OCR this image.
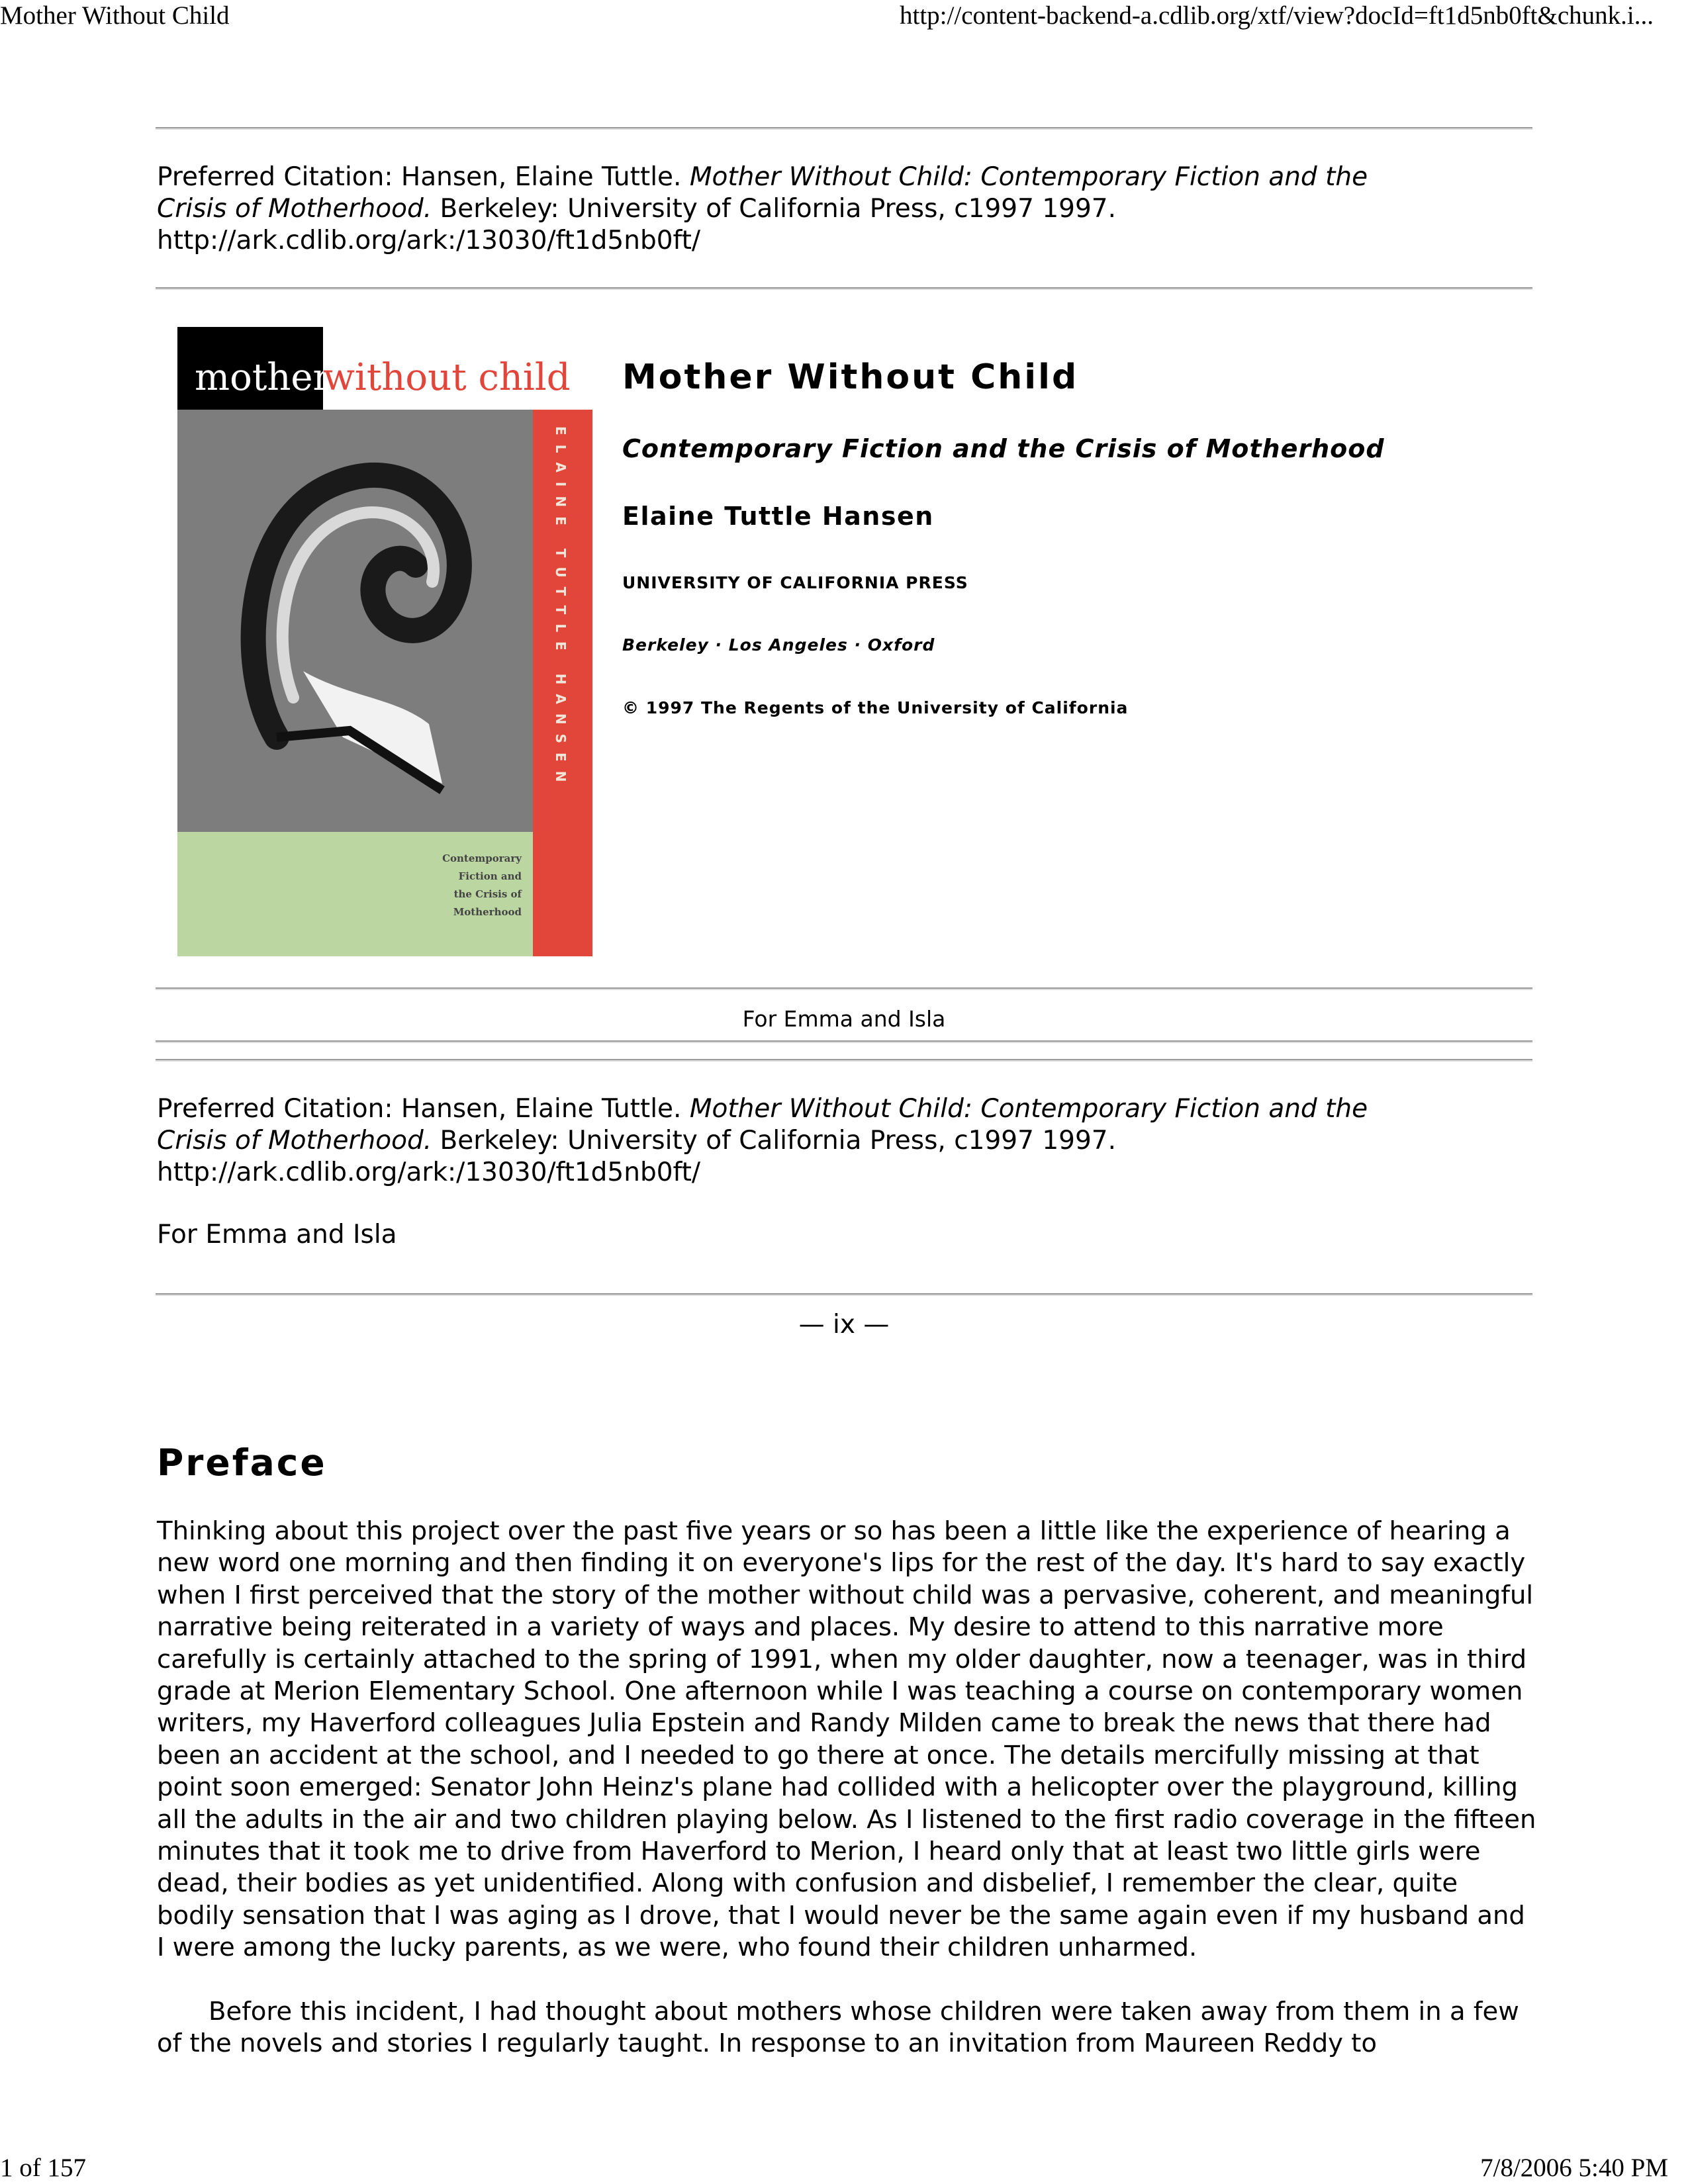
Mother Without Child	http://content-backend-a.cdlib.org/xtf/view?docId=ft1d5nb0ft&chunk.i...
Preferred Citation: Hansen, Elaine Tuttle. Mother Without Child: Contemporary Fiction and the
Crisis of Motherhood. Berkeley: University of California Press, c1997 1997.
http://ark.cdlib.org/ark:/13030/ft1d5nb0ft/
mother
without child
ELAINE TUTTLE HANSEN
Contemporary
Fiction and
the Crisis of
Motherhood
Mother Without Child
Contemporary Fiction and the Crisis of Motherhood
Elaine Tuttle Hansen
UNIVERSITY OF CALIFORNIA PRESS
Berkeley · Los Angeles · Oxford
© 1997 The Regents of the University of California
For Emma and Isla
Preferred Citation: Hansen, Elaine Tuttle. Mother Without Child: Contemporary Fiction and the
Crisis of Motherhood. Berkeley: University of California Press, c1997 1997.
http://ark.cdlib.org/ark:/13030/ft1d5nb0ft/
For Emma and Isla
— ix —
Preface

Thinking about this project over the past five years or so has been a little like the experience of hearing a new word one morning and then finding it on everyone's lips for the rest of the day. It's hard to say exactly when I first perceived that the story of the mother without child was a pervasive, coherent, and meaningful narrative being reiterated in a variety of ways and places. My desire to attend to this narrative more carefully is certainly attached to the spring of 1991, when my older daughter, now a teenager, was in third grade at Merion Elementary School. One afternoon while I was teaching a course on contemporary women writers, my Haverford colleagues Julia Epstein and Randy Milden came to break the news that there had been an accident at the school, and I needed to go there at once. The details mercifully missing at that point soon emerged: Senator John Heinz's plane had collided with a helicopter over the playground, killing all the adults in the air and two children playing below. As I listened to the first radio coverage in the fifteen minutes that it took me to drive from Haverford to Merion, I heard only that at least two little girls were dead, their bodies as yet unidentified. Along with confusion and disbelief, I remember the clear, quite bodily sensation that I was aging as I drove, that I would never be the same again even if my husband and I were among the lucky parents, as we were, who found their children unharmed.

Before this incident, I had thought about mothers whose children were taken away from them in a few of the novels and stories I regularly taught. In response to an invitation from Maureen Reddy to

1 of 157	7/8/2006 5:40 PM
